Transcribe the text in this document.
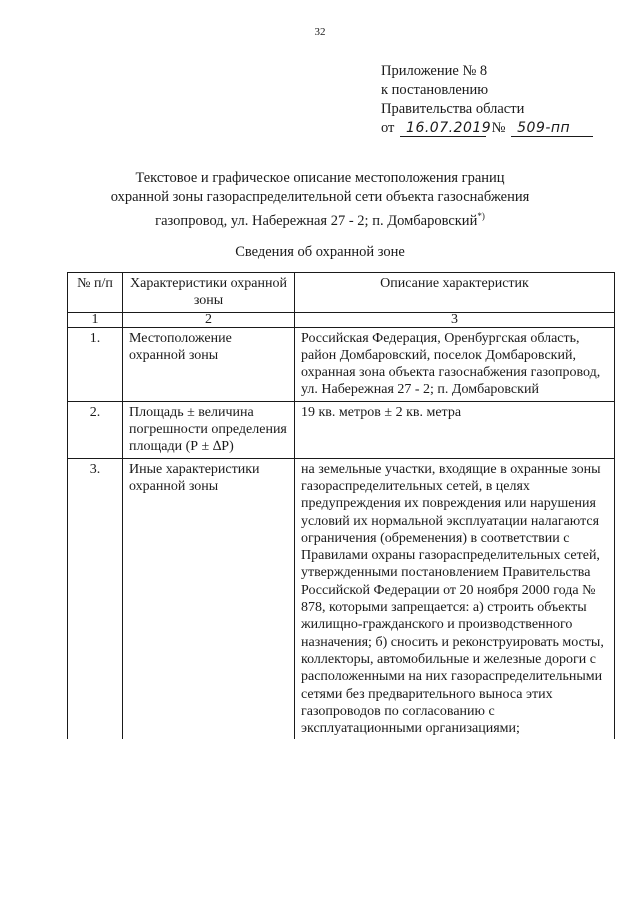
32
Приложение № 8
к постановлению
Правительства области
от 16.07.2019 № 509-пп
Текстовое и графическое описание местоположения границ
охранной зоны газораспределительной сети объекта газоснабжения
газопровод, ул. Набережная 27 - 2; п. Домбаровский*)
Сведения об охранной зоне
№ п/п	Характеристики охранной зоны	Описание характеристик
1	2	3
1.	Местоположение охранной зоны	Российская Федерация, Оренбургская область, район Домбаровский, поселок Домбаровский, охранная зона объекта газоснабжения газопровод, ул. Набережная 27 - 2; п. Домбаровский
2.	Площадь ± величина погрешности определения площади (Р ± ∆Р)	19 кв. метров ± 2 кв. метра
3.	Иные характеристики охранной зоны	на земельные участки, входящие в охранные зоны газораспределительных сетей, в целях предупреждения их повреждения или нарушения условий их нормальной эксплуатации налагаются ограничения (обременения) в соответствии с Правилами охраны газораспределительных сетей, утвержденными постановлением Правительства Российской Федерации от 20 ноября 2000 года № 878, которыми запрещается: а) строить объекты жилищно-гражданского и производственного назначения; б) сносить и реконструировать мосты, коллекторы, автомобильные и железные дороги с расположенными на них газораспределительными сетями без предварительного выноса этих газопроводов по согласованию с эксплуатационными организациями;
